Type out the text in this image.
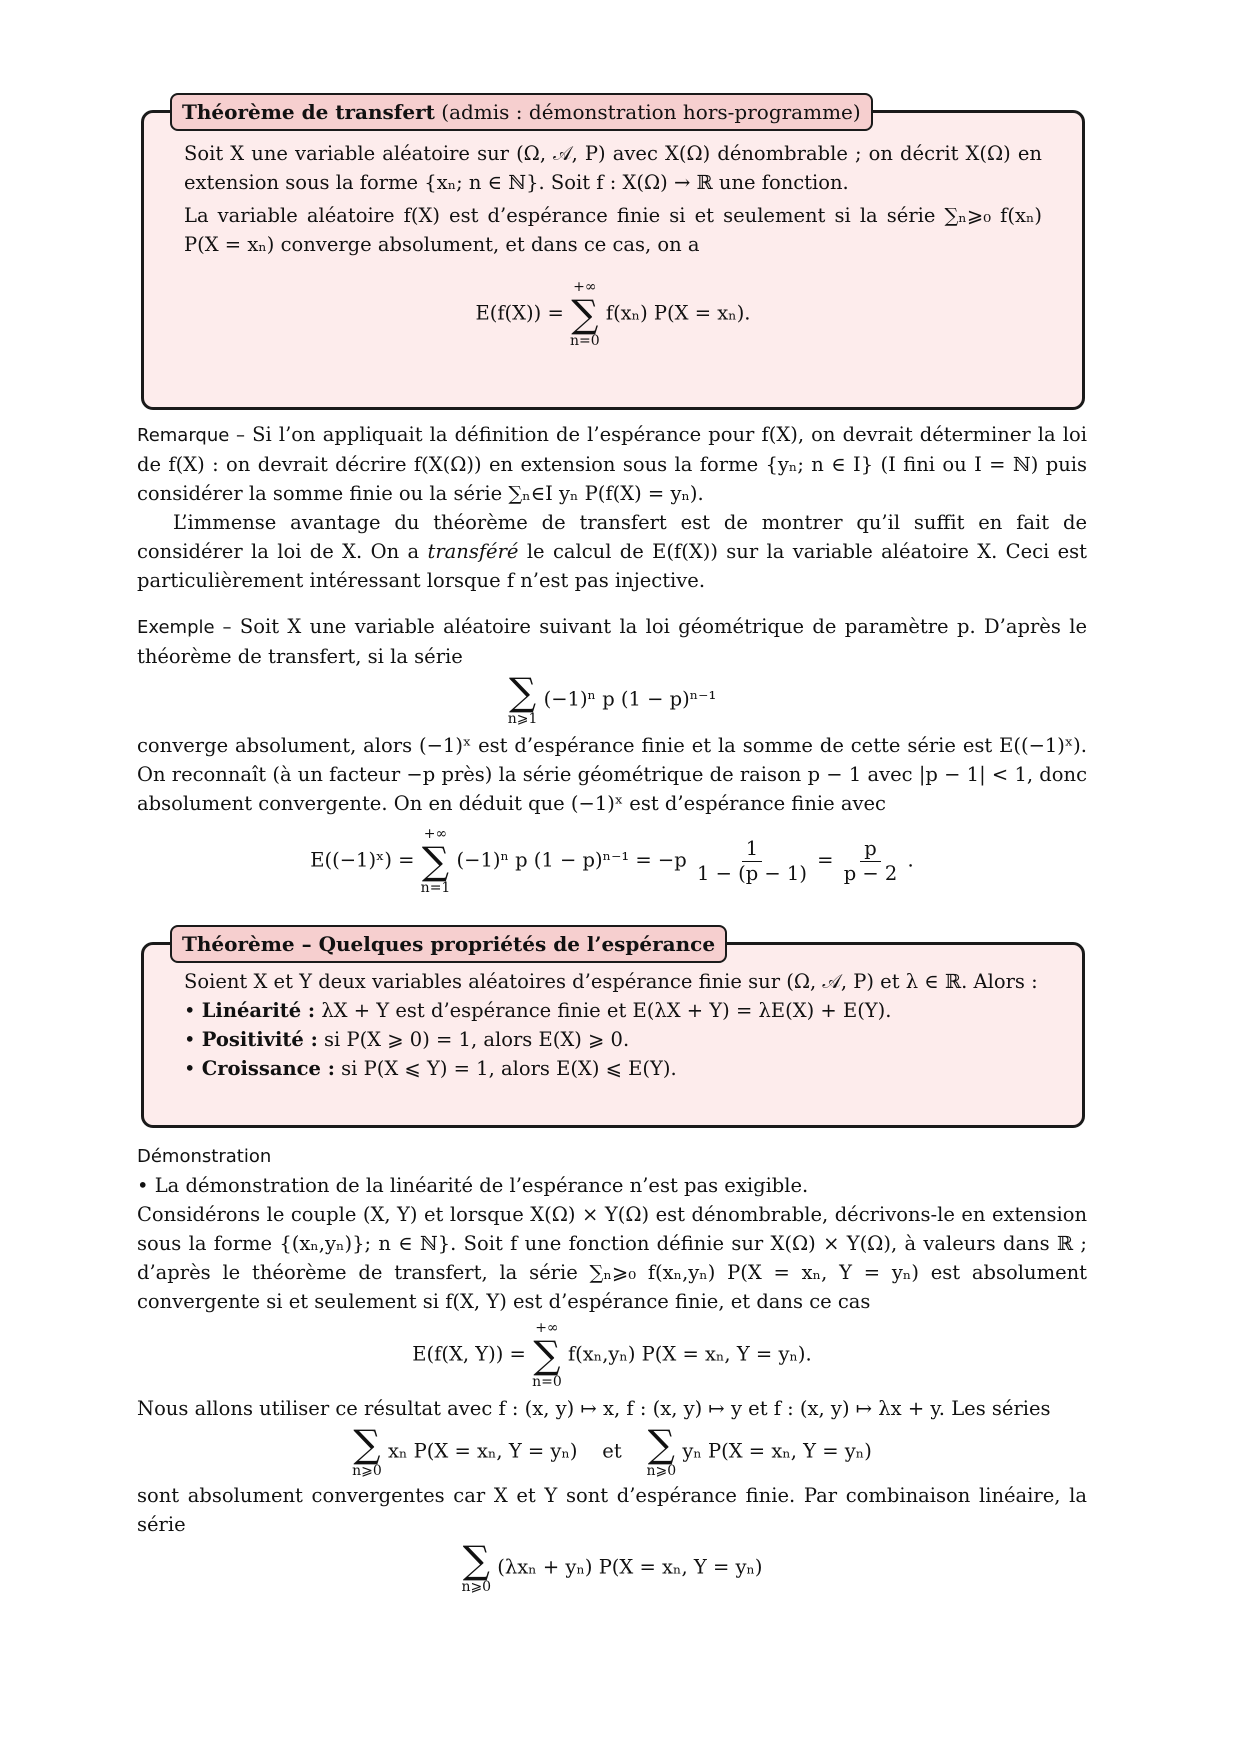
Théorème de transfert (admis : démonstration hors-programme)

Soit X une variable aléatoire sur (Ω, 𝒜, P) avec X(Ω) dénombrable ; on décrit X(Ω) en extension sous la forme {xₙ; n ∈ ℕ}. Soit f : X(Ω) → ℝ une fonction.

La variable aléatoire f(X) est d’espérance finie si et seulement si la série ∑ₙ⩾₀ f(xₙ) P(X = xₙ) converge absolument, et dans ce cas, on a

E(f(X)) =
+∞
∑
n=0
f(xₙ) P(X = xₙ).

Remarque – Si l’on appliquait la définition de l’espérance pour f(X), on devrait déterminer la loi de f(X) : on devrait décrire f(X(Ω)) en extension sous la forme {yₙ; n ∈ I} (I fini ou I = ℕ) puis considérer la somme finie ou la série ∑ₙ∈I yₙ P(f(X) = yₙ).

L’immense avantage du théorème de transfert est de montrer qu’il suffit en fait de considérer la loi de X. On a transféré le calcul de E(f(X)) sur la variable aléatoire X. Ceci est particulièrement intéressant lorsque f n’est pas injective.

Exemple – Soit X une variable aléatoire suivant la loi géométrique de paramètre p. D’après le théorème de transfert, si la série

∑
n⩾1
(−1)ⁿ p (1 − p)ⁿ⁻¹

converge absolument, alors (−1)ˣ est d’espérance finie et la somme de cette série est E((−1)ˣ). On reconnaît (à un facteur −p près) la série géométrique de raison p − 1 avec |p − 1| < 1, donc absolument convergente. On en déduit que (−1)ˣ est d’espérance finie avec

E((−1)ˣ) =
+∞
∑
n=1
(−1)ⁿ p $(1 - p)^{n-1} = -p \frac{1}{1 - (p - 1)} = \frac{p}{p - 2}$ .
Théorème – Quelques propriétés de l’espérance

Soient X et Y deux variables aléatoires d’espérance finie sur (Ω, 𝒜, P) et λ ∈ ℝ. Alors :

• Linéarité : λX + Y est d’espérance finie et E(λX + Y) = λE(X) + E(Y).

• Positivité : si P(X ⩾ 0) = 1, alors E(X) ⩾ 0.

• Croissance : si P(X ⩽ Y) = 1, alors E(X) ⩽ E(Y).

Démonstration

• La démonstration de la linéarité de l’espérance n’est pas exigible.

Considérons le couple (X, Y) et lorsque X(Ω) × Y(Ω) est dénombrable, décrivons-le en extension sous la forme {(xₙ,yₙ)}; n ∈ ℕ}. Soit f une fonction définie sur X(Ω) × Y(Ω), à valeurs dans ℝ ; d’après le théorème de transfert, la série ∑ₙ⩾₀ f(xₙ,yₙ) P(X = xₙ, Y = yₙ) est absolument convergente si et seulement si f(X, Y) est d’espérance finie, et dans ce cas

E(f(X, Y)) =
+∞
∑
n=0
f(xₙ,yₙ) P(X = xₙ, Y = yₙ).

Nous allons utiliser ce résultat avec f : (x, y) ↦ x, f : (x, y) ↦ y et f : (x, y) ↦ λx + y. Les séries

∑
n⩾0
xₙ P(X = xₙ, Y = yₙ) et ∑
n⩾0
yₙ P(X = xₙ, Y = yₙ)

sont absolument convergentes car X et Y sont d’espérance finie. Par combinaison linéaire, la série

∑
n⩾0
(λxₙ + yₙ) P(X = xₙ, Y = yₙ)
